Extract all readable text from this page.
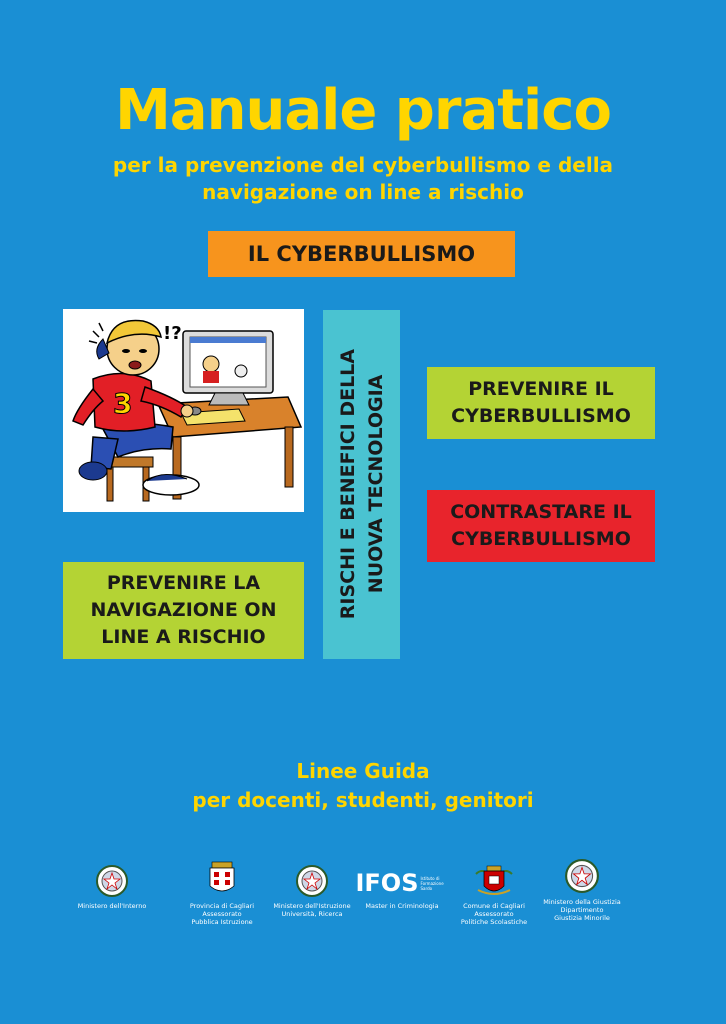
Manuale pratico
per la prevenzione del cyberbullismo e della
navigazione on line a rischio
IL CYBERBULLISMO
3
!?
RISCHI E BENEFICI DELLA NUOVA TECNOLOGIA	PREVENIRE IL
CYBERBULLISMO
CONTRASTARE IL
CYBERBULLISMO
PREVENIRE LA
NAVIGAZIONE ON
LINE A RISCHIO
Linee Guida
per docenti, studenti, genitori
Ministero dell'Interno	Provincia di Cagliari
Assessorato
Pubblica Istruzione
Ministero dell'Istruzione
Università, Ricerca
IFOS Istituto di Formazione Sardo
Master in Criminologia	Comune di Cagliari
Assessorato
Politiche Scolastiche
Ministero della Giustizia
Dipartimento
Giustizia Minorile
